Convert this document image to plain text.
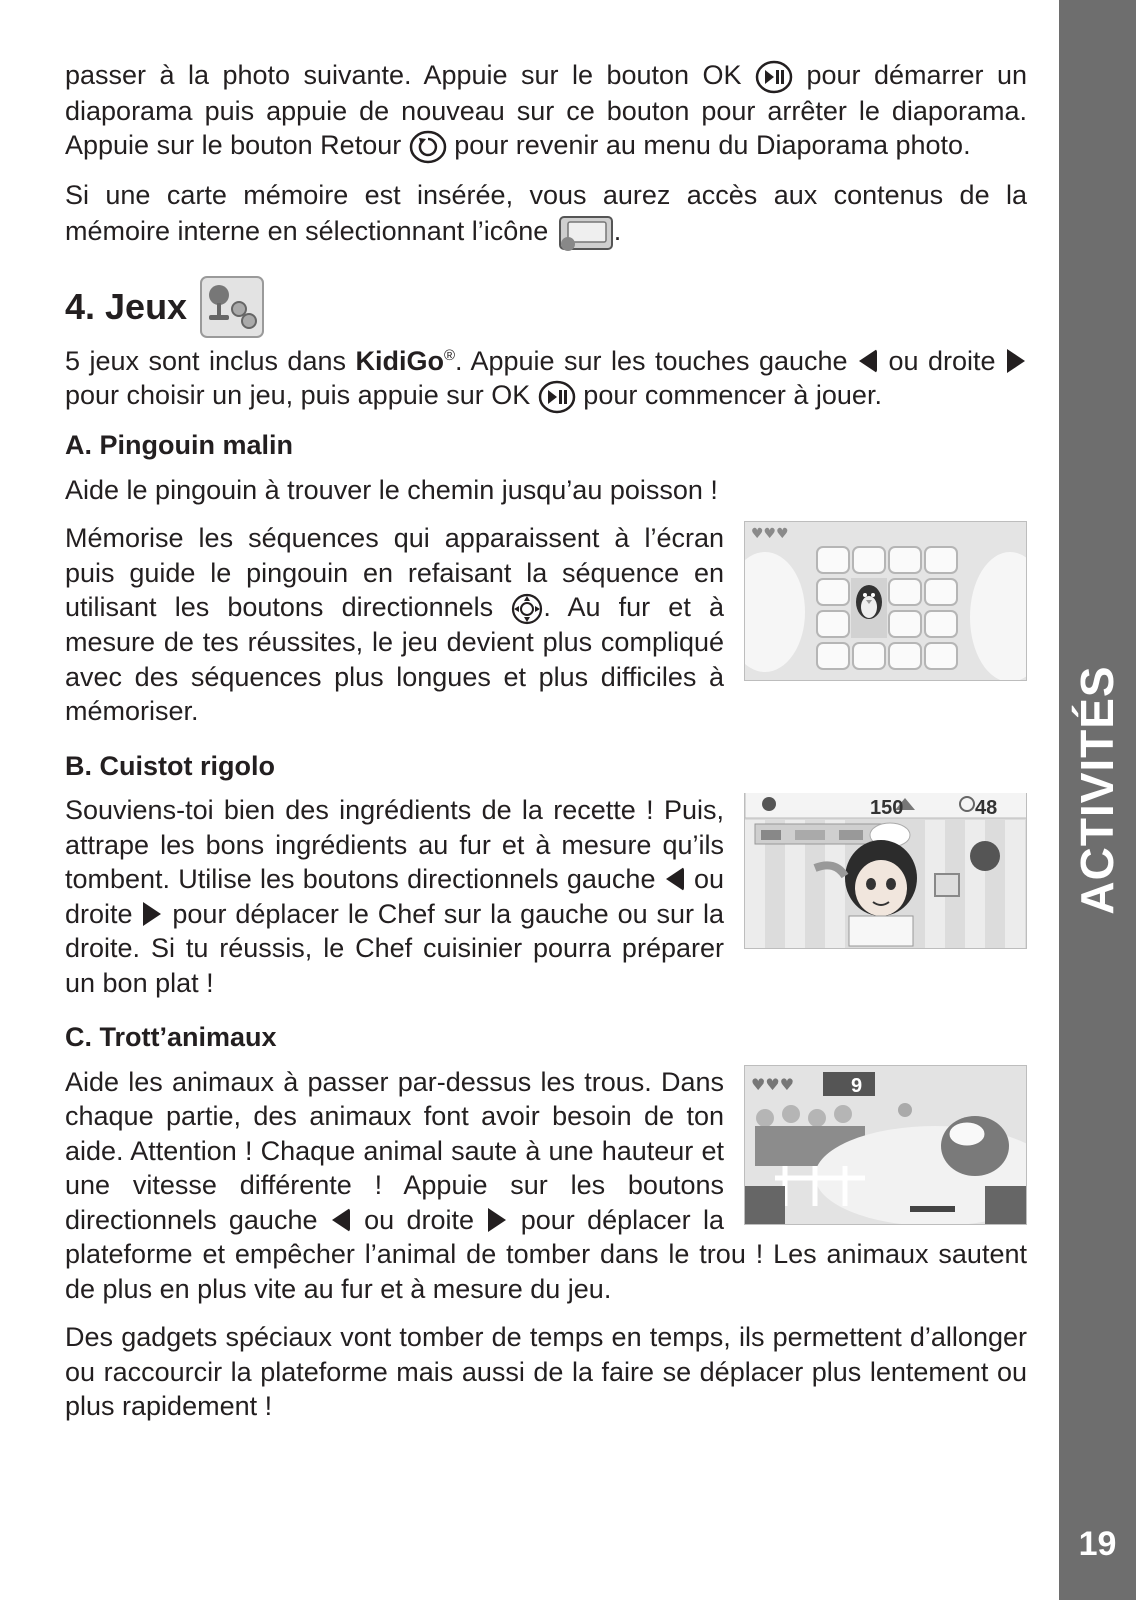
ACTIVITÉS
19

passer à la photo suivante. Appuie sur le bouton OK pour démarrer un diaporama puis appuie de nouveau sur ce bouton pour arrêter le diaporama. Appuie sur le bouton Retour pour revenir au menu du Diaporama photo.

Si une carte mémoire est insérée, vous aurez accès aux contenus de la mémoire interne en sélectionnant l’icône .

4. Jeux

5 jeux sont inclus dans KidiGo®. Appuie sur les touches gauche ou droite  pour choisir un jeu, puis appuie sur OK pour commencer à jouer.

A. Pingouin malin

Aide le pingouin à trouver le chemin jusqu’au poisson !

♥♥♥

Mémorise les séquences qui apparaissent à l’écran puis guide le pingouin en refaisant la séquence en utilisant les boutons directionnels . Au fur et à mesure de tes réussites, le jeu devient plus compliqué avec des séquences plus longues et plus difficiles à mémoriser.

B. Cuistot rigolo
150	48

Souviens-toi bien des ingrédients de la recette ! Puis, attrape les bons ingrédients au fur et à mesure qu’ils tombent. Utilise les boutons directionnels gauche ou droite pour déplacer le Chef sur la gauche ou sur la droite. Si tu réussis, le Chef cuisinier pourra préparer un bon plat !

C. Trott’animaux
♥♥♥	9

Aide les animaux à passer par-dessus les trous. Dans chaque partie, des animaux font avoir besoin de ton aide. Attention ! Chaque animal saute à une hauteur et une vitesse différente ! Appuie sur les boutons directionnels gauche ou droite pour déplacer la plateforme et empêcher l’animal de tomber dans le trou ! Les animaux sautent de plus en plus vite au fur et à mesure du jeu.

Des gadgets spéciaux vont tomber de temps en temps, ils permettent d’allonger ou raccourcir la plateforme mais aussi de la faire se déplacer plus lentement ou plus rapidement !
